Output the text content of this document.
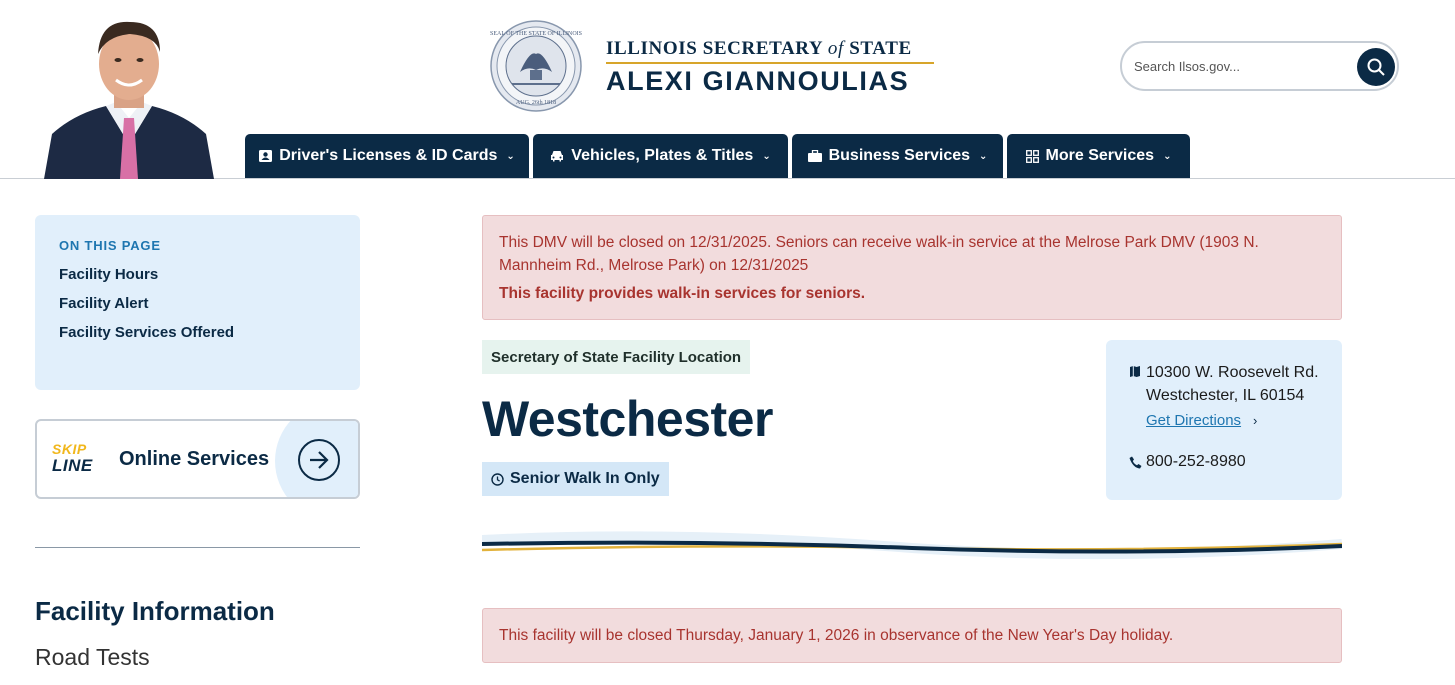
SEAL OF THE STATE OF ILLINOIS
AUG. 26th 1818
ILLINOIS SECRETARY of STATE
ALEXI GIANNOULIAS
Search Ilsos.gov...
Driver's Licenses & ID Cards ⌄	Vehicles, Plates & Titles ⌄	Business Services ⌄	More Services ⌄
ON THIS PAGE
Facility Hours
Facility Alert
Facility Services Offered
SKIP
LINE Online Services
Facility Information
Road Tests
This DMV will be closed on 12/31/2025. Seniors can receive walk-in service at the Melrose Park DMV (1903 N. Mannheim Rd., Melrose Park) on 12/31/2025
This facility provides walk-in services for seniors.
Secretary of State Facility Location
Westchester
Senior Walk In Only
10300 W. Roosevelt Rd.
Westchester, IL 60154
Get Directions ›
800-252-8980
This facility will be closed Thursday, January 1, 2026 in observance of the New Year's Day holiday.
